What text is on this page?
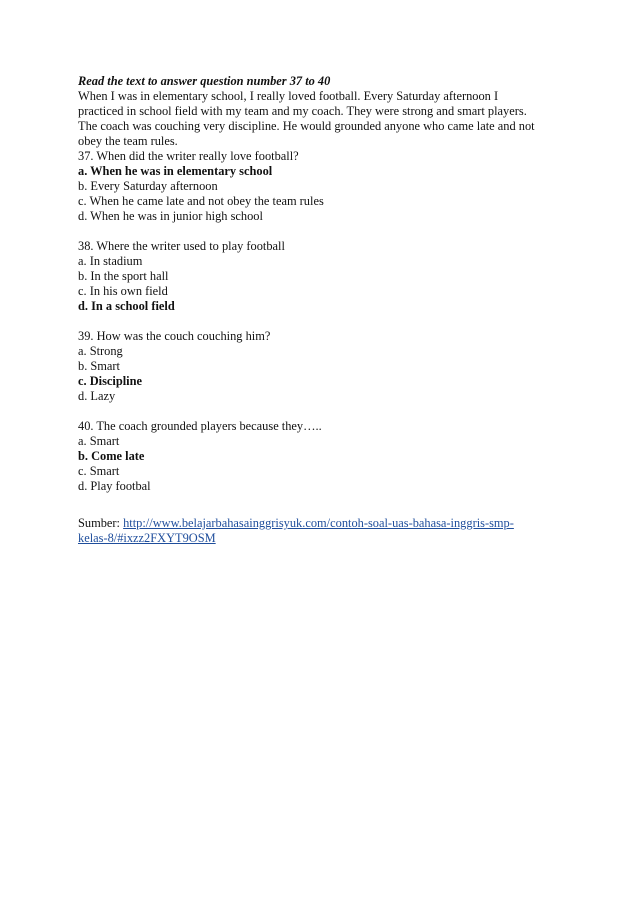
Read the text to answer question number 37 to 40
When I was in elementary school, I really loved football. Every Saturday afternoon I
practiced in school field with my team and my coach. They were strong and smart players.
The coach was couching very discipline. He would grounded anyone who came late and not
obey the team rules.
37. When did the writer really love football?
a. When he was in elementary school
b. Every Saturday afternoon
c. When he came late and not obey the team rules
d. When he was in junior high school
38. Where the writer used to play football
a. In stadium
b. In the sport hall
c. In his own field
d. In a school field
39. How was the couch couching him?
a. Strong
b. Smart
c. Discipline
d. Lazy
40. The coach grounded players because they…..
a. Smart
b. Come late
c. Smart
d. Play footbal
Sumber: http://www.belajarbahasainggrisyuk.com/contoh-soal-uas-bahasa-inggris-smp-
kelas-8/#ixzz2FXYT9OSM
